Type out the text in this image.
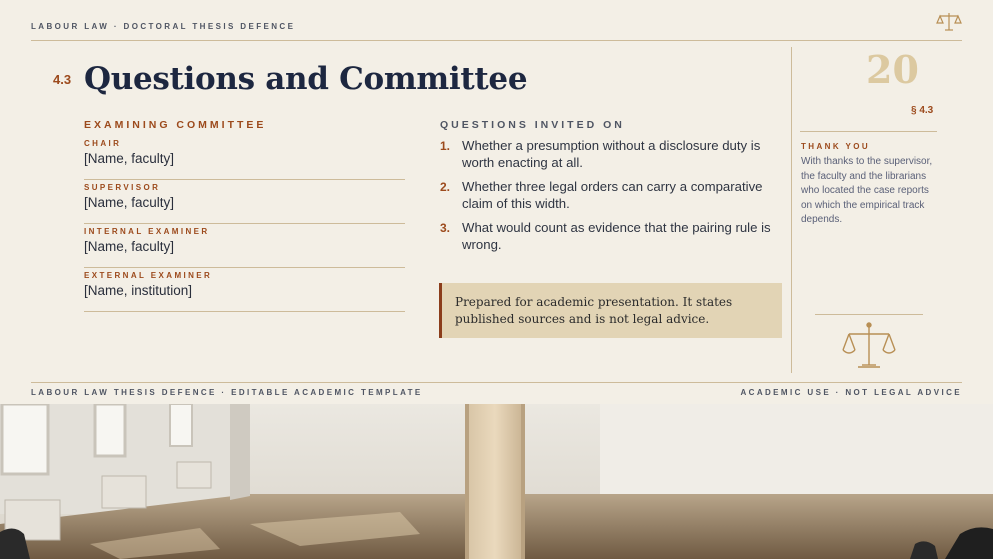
LABOUR LAW · DOCTORAL THESIS DEFENCE
4.3 Questions and Committee
EXAMINING COMMITTEE
CHAIR
[Name, faculty]
SUPERVISOR
[Name, faculty]
INTERNAL EXAMINER
[Name, faculty]
EXTERNAL EXAMINER
[Name, institution]
QUESTIONS INVITED ON
1. Whether a presumption without a disclosure duty is worth enacting at all.
2. Whether three legal orders can carry a comparative claim of this width.
3. What would count as evidence that the pairing rule is wrong.
Prepared for academic presentation. It states published sources and is not legal advice.
20
§ 4.3
THANK YOU
With thanks to the supervisor, the faculty and the librarians who located the case reports on which the empirical track depends.
LABOUR LAW THESIS DEFENCE · EDITABLE ACADEMIC TEMPLATE	ACADEMIC USE · NOT LEGAL ADVICE
